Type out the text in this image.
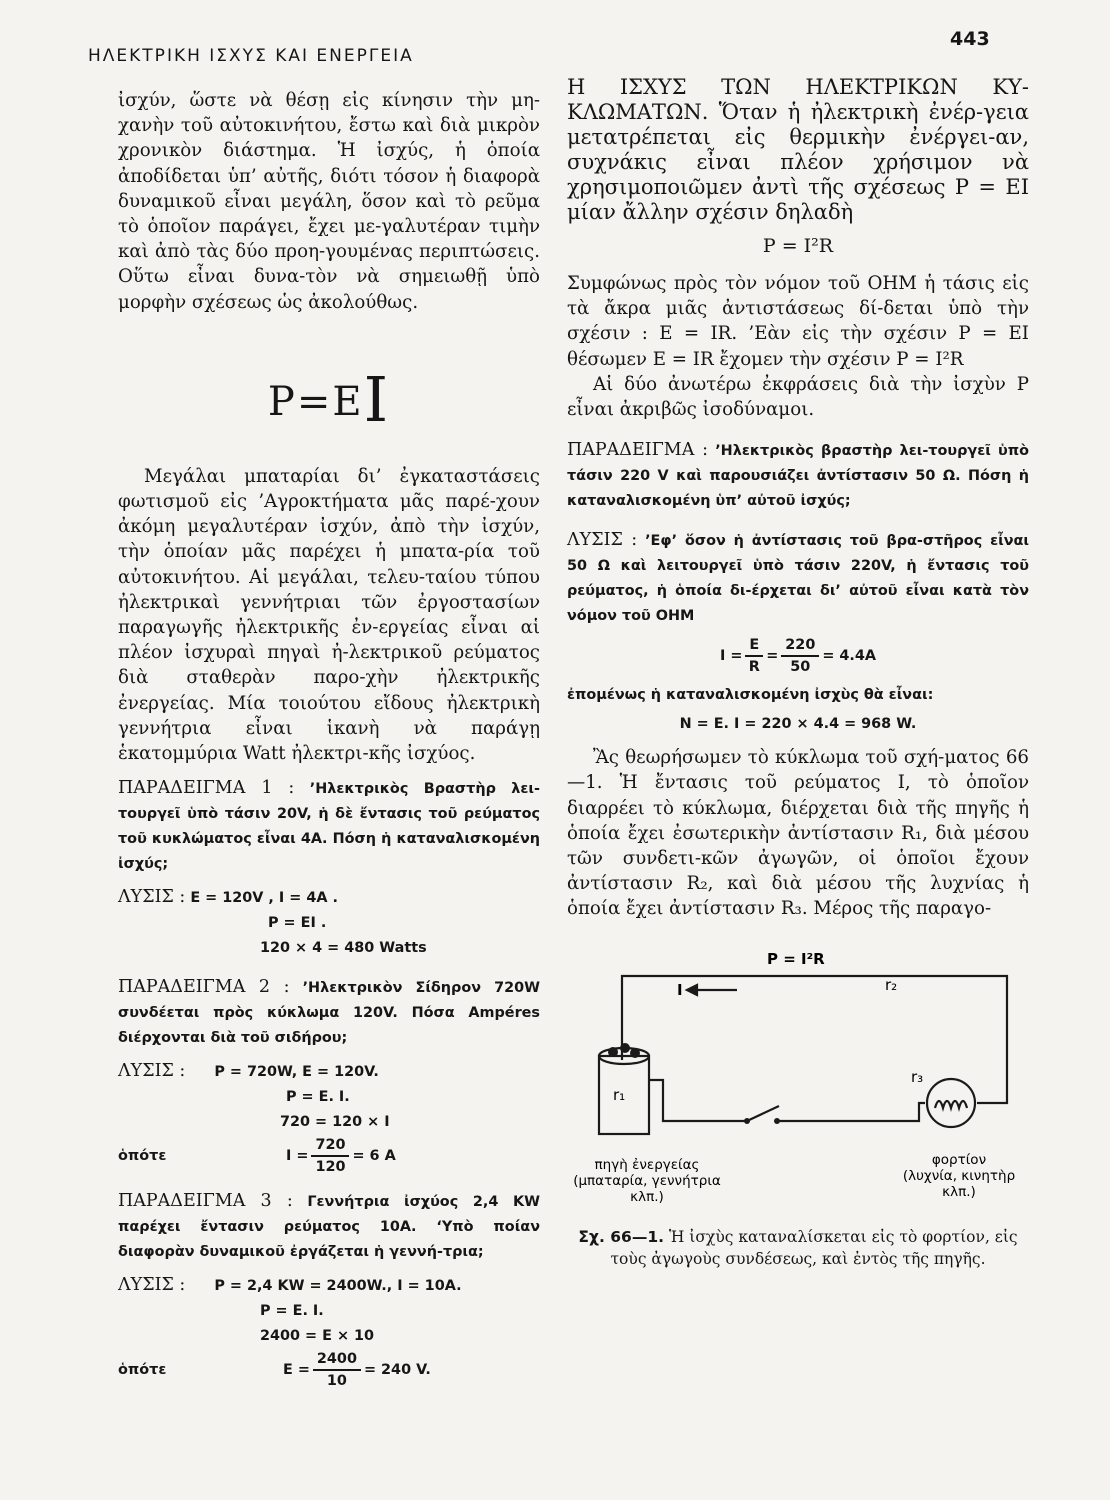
ΗΛΕΚΤΡΙΚΗ ΙΣΧΥΣ ΚΑΙ ΕΝΕΡΓΕΙΑ
443

ἰσχύν, ὥστε νὰ θέσῃ εἰς κίνησιν τὴν μη-χανὴν τοῦ αὐτοκινήτου, ἔστω καὶ διὰ μικρὸν χρονικὸν διάστημα. Ἡ ἰσχύς, ἡ ὁποία ἀποδίδεται ὑπ’ αὐτῆς, διότι τόσον ἡ διαφορὰ δυναμικοῦ εἶναι μεγάλη, ὅσον καὶ τὸ ρεῦμα τὸ ὁποῖον παράγει, ἔχει με-γαλυτέραν τιμὴν καὶ ἀπὸ τὰς δύο προη-γουμένας περιπτώσεις. Οὕτω εἶναι δυνα-τὸν νὰ σημειωθῇ ὑπὸ μορφὴν σχέσεως ὡς ἀκολούθως.

P=EI

Μεγάλαι μπαταρίαι δι’ ἐγκαταστάσεις φωτισμοῦ εἰς ’Αγροκτήματα μᾶς παρέ-χουν ἀκόμη μεγαλυτέραν ἰσχύν, ἀπὸ τὴν ἰσχύν, τὴν ὁποίαν μᾶς παρέχει ἡ μπατα-ρία τοῦ αὐτοκινήτου. Αἱ μεγάλαι, τελευ-ταίου τύπου ἠλεκτρικαὶ γεννήτριαι τῶν ἐργοστασίων παραγωγῆς ἠλεκτρικῆς ἐν-εργείας εἶναι αἱ πλέον ἰσχυραὶ πηγαὶ ἠ-λεκτρικοῦ ρεύματος διὰ σταθερὰν παρο-χὴν ἠλεκτρικῆς ἐνεργείας. Μία τοιούτου εἴδους ἠλεκτρικὴ γεννήτρια εἶναι ἱκανὴ νὰ παράγῃ ἑκατομμύρια Watt ἠλεκτρι-κῆς ἰσχύος.

ΠΑΡΑΔΕΙΓΜΑ 1 : ’Ηλεκτρικὸς Βραστὴρ λει-τουργεῖ ὑπὸ τάσιν 20V, ἡ δὲ ἔντασις τοῦ ρεύματος τοῦ κυκλώματος εἶναι 4Α. Πόση ἡ καταναλισκομένη ἰσχύς;
ΛΥΣΙΣ : Ε = 120V , I = 4Α .
P = ΕΙ .
120 × 4 = 480 Watts
ΠΑΡΑΔΕΙΓΜΑ 2 : ’Ηλεκτρικὸν Σίδηρον 720W συνδέεται πρὸς κύκλωμα 120V. Πόσα Ampéres διέρχονται διὰ τοῦ σιδήρου;
ΛΥΣΙΣ : P = 720W, E = 120V.
P = E. I.
720 = 120 × I
ὁπότε	$I = \frac{720}{120} = 6$ A
ΠΑΡΑΔΕΙΓΜΑ 3 : Γεννήτρια ἰσχύος 2,4 KW παρέχει ἔντασιν ρεύματος 10Α. ‘Υπὸ ποίαν διαφορὰν δυναμικοῦ ἐργάζεται ἡ γεννή-τρια;
ΛΥΣΙΣ : P = 2,4 KW = 2400W., I = 10A.
P = E. I.
2400 = E × 10
ὁπότε	$E = \frac{2400}{10} = 240$ V.

Η ΙΣΧΥΣ ΤΩΝ ΗΛΕΚΤΡΙΚΩΝ ΚΥ-ΚΛΩΜΑΤΩΝ. Ὅταν ἡ ἠλεκτρικὴ ἐνέρ-γεια μετατρέπεται εἰς θερμικὴν ἐνέργει-αν, συχνάκις εἶναι πλέον χρήσιμον νὰ χρησιμοποιῶμεν ἀντὶ τῆς σχέσεως P = ΕΙ μίαν ἄλλην σχέσιν δηλαδὴ

P = I²R

Συμφώνως πρὸς τὸν νόμον τοῦ ΟΗΜ ἡ τάσις εἰς τὰ ἄκρα μιᾶς ἀντιστάσεως δί-δεται ὑπὸ τὴν σχέσιν : Ε = IR. ’Εὰν εἰς τὴν σχέσιν P = ΕΙ θέσωμεν Ε = IR ἔχομεν τὴν σχέσιν P = I²R

Αἱ δύο ἀνωτέρω ἐκφράσεις διὰ τὴν ἰσχὺν P εἶναι ἀκριβῶς ἰσοδύναμοι.

ΠΑΡΑΔΕΙΓΜΑ : ’Ηλεκτρικὸς βραστὴρ λει-τουργεῖ ὑπὸ τάσιν 220 V καὶ παρουσιάζει ἀντίστασιν 50 Ω. Πόση ἡ καταναλισκομένη ὑπ’ αὐτοῦ ἰσχύς;
ΛΥΣΙΣ : ’Εφ’ ὅσον ἡ ἀντίστασις τοῦ βρα-στῆρος εἶναι 50 Ω καὶ λειτουργεῖ ὑπὸ τάσιν 220V, ἡ ἔντασις τοῦ ρεύματος, ἡ ὁποία δι-έρχεται δι’ αὐτοῦ εἶναι κατὰ τὸν νόμον τοῦ ΟΗΜ
$I = \frac{E}{R} = \frac{220}{50} = 4.4A$
ἐπομένως ἡ καταναλισκομένη ἰσχὺς θὰ εἶναι:
N = E. I = 220 × 4.4 = 968 W.

Ἂς θεωρήσωμεν τὸ κύκλωμα τοῦ σχή-ματος 66—1. Ἡ ἔντασις τοῦ ρεύματος I, τὸ ὁποῖον διαρρέει τὸ κύκλωμα, διέρχεται διὰ τῆς πηγῆς ἡ ὁποία ἔχει ἐσωτερικὴν ἀντίστασιν R₁, διὰ μέσου τῶν συνδετι-κῶν ἀγωγῶν, οἱ ὁποῖοι ἔχουν ἀντίστασιν R₂, καὶ διὰ μέσου τῆς λυχνίας ἡ ὁποία ἔχει ἀντίστασιν R₃. Μέρος τῆς παραγο-

P = I²R
I	r₂
r₁
r₃
πηγὴ ἐνεργείας
(μπαταρία, γεννήτρια
κλπ.)
φορτίον
(λυχνία, κινητὴρ
κλπ.)
Σχ. 66—1. Ἡ ἰσχὺς καταναλίσκεται εἰς τὸ φορτίον, εἰς τοὺς ἀγωγοὺς συνδέσεως, καὶ ἐντὸς τῆς πηγῆς.
